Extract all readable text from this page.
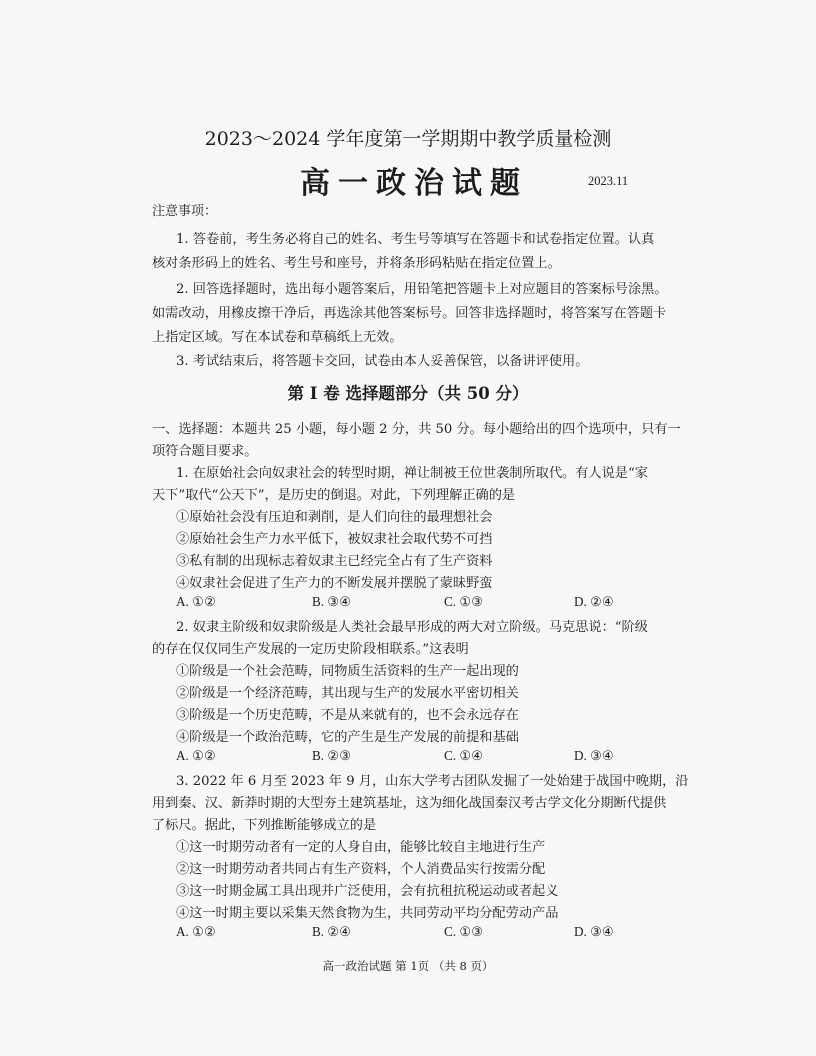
2023～2024 学年度第一学期期中教学质量检测
高一政治试题	2023.11
注意事项：
1. 答卷前，考生务必将自己的姓名、考生号等填写在答题卡和试卷指定位置。认真
核对条形码上的姓名、考生号和座号，并将条形码粘贴在指定位置上。
2. 回答选择题时，选出每小题答案后，用铅笔把答题卡上对应题目的答案标号涂黑。
如需改动，用橡皮擦干净后，再选涂其他答案标号。回答非选择题时，将答案写在答题卡
上指定区域。写在本试卷和草稿纸上无效。
3. 考试结束后，将答题卡交回，试卷由本人妥善保管，以备讲评使用。
第 I 卷 选择题部分（共 50 分）
一、选择题：本题共 25 小题，每小题 2 分，共 50 分。每小题给出的四个选项中，只有一
项符合题目要求。
1. 在原始社会向奴隶社会的转型时期，禅让制被王位世袭制所取代。有人说是“家
天下”取代“公天下”，是历史的倒退。对此，下列理解正确的是
①原始社会没有压迫和剥削，是人们向往的最理想社会
②原始社会生产力水平低下，被奴隶社会取代势不可挡
③私有制的出现标志着奴隶主已经完全占有了生产资料
④奴隶社会促进了生产力的不断发展并摆脱了蒙昧野蛮
A. ①②	B. ③④	C. ①③	D. ②④
2. 奴隶主阶级和奴隶阶级是人类社会最早形成的两大对立阶级。马克思说：“阶级
的存在仅仅同生产发展的一定历史阶段相联系。”这表明
①阶级是一个社会范畴，同物质生活资料的生产一起出现的
②阶级是一个经济范畴，其出现与生产的发展水平密切相关
③阶级是一个历史范畴，不是从来就有的，也不会永远存在
④阶级是一个政治范畴，它的产生是生产发展的前提和基础
A. ①②	B. ②③	C. ①④	D. ③④
3. 2022 年 6 月至 2023 年 9 月，山东大学考古团队发掘了一处始建于战国中晚期，沿
用到秦、汉、新莽时期的大型夯土建筑基址，这为细化战国秦汉考古学文化分期断代提供
了标尺。据此，下列推断能够成立的是
①这一时期劳动者有一定的人身自由，能够比较自主地进行生产
②这一时期劳动者共同占有生产资料，个人消费品实行按需分配
③这一时期金属工具出现并广泛使用，会有抗租抗税运动或者起义
④这一时期主要以采集天然食物为生，共同劳动平均分配劳动产品
A. ①②	B. ②④	C. ①③	D. ③④
高一政治试题 第 1页 （共 8 页）
